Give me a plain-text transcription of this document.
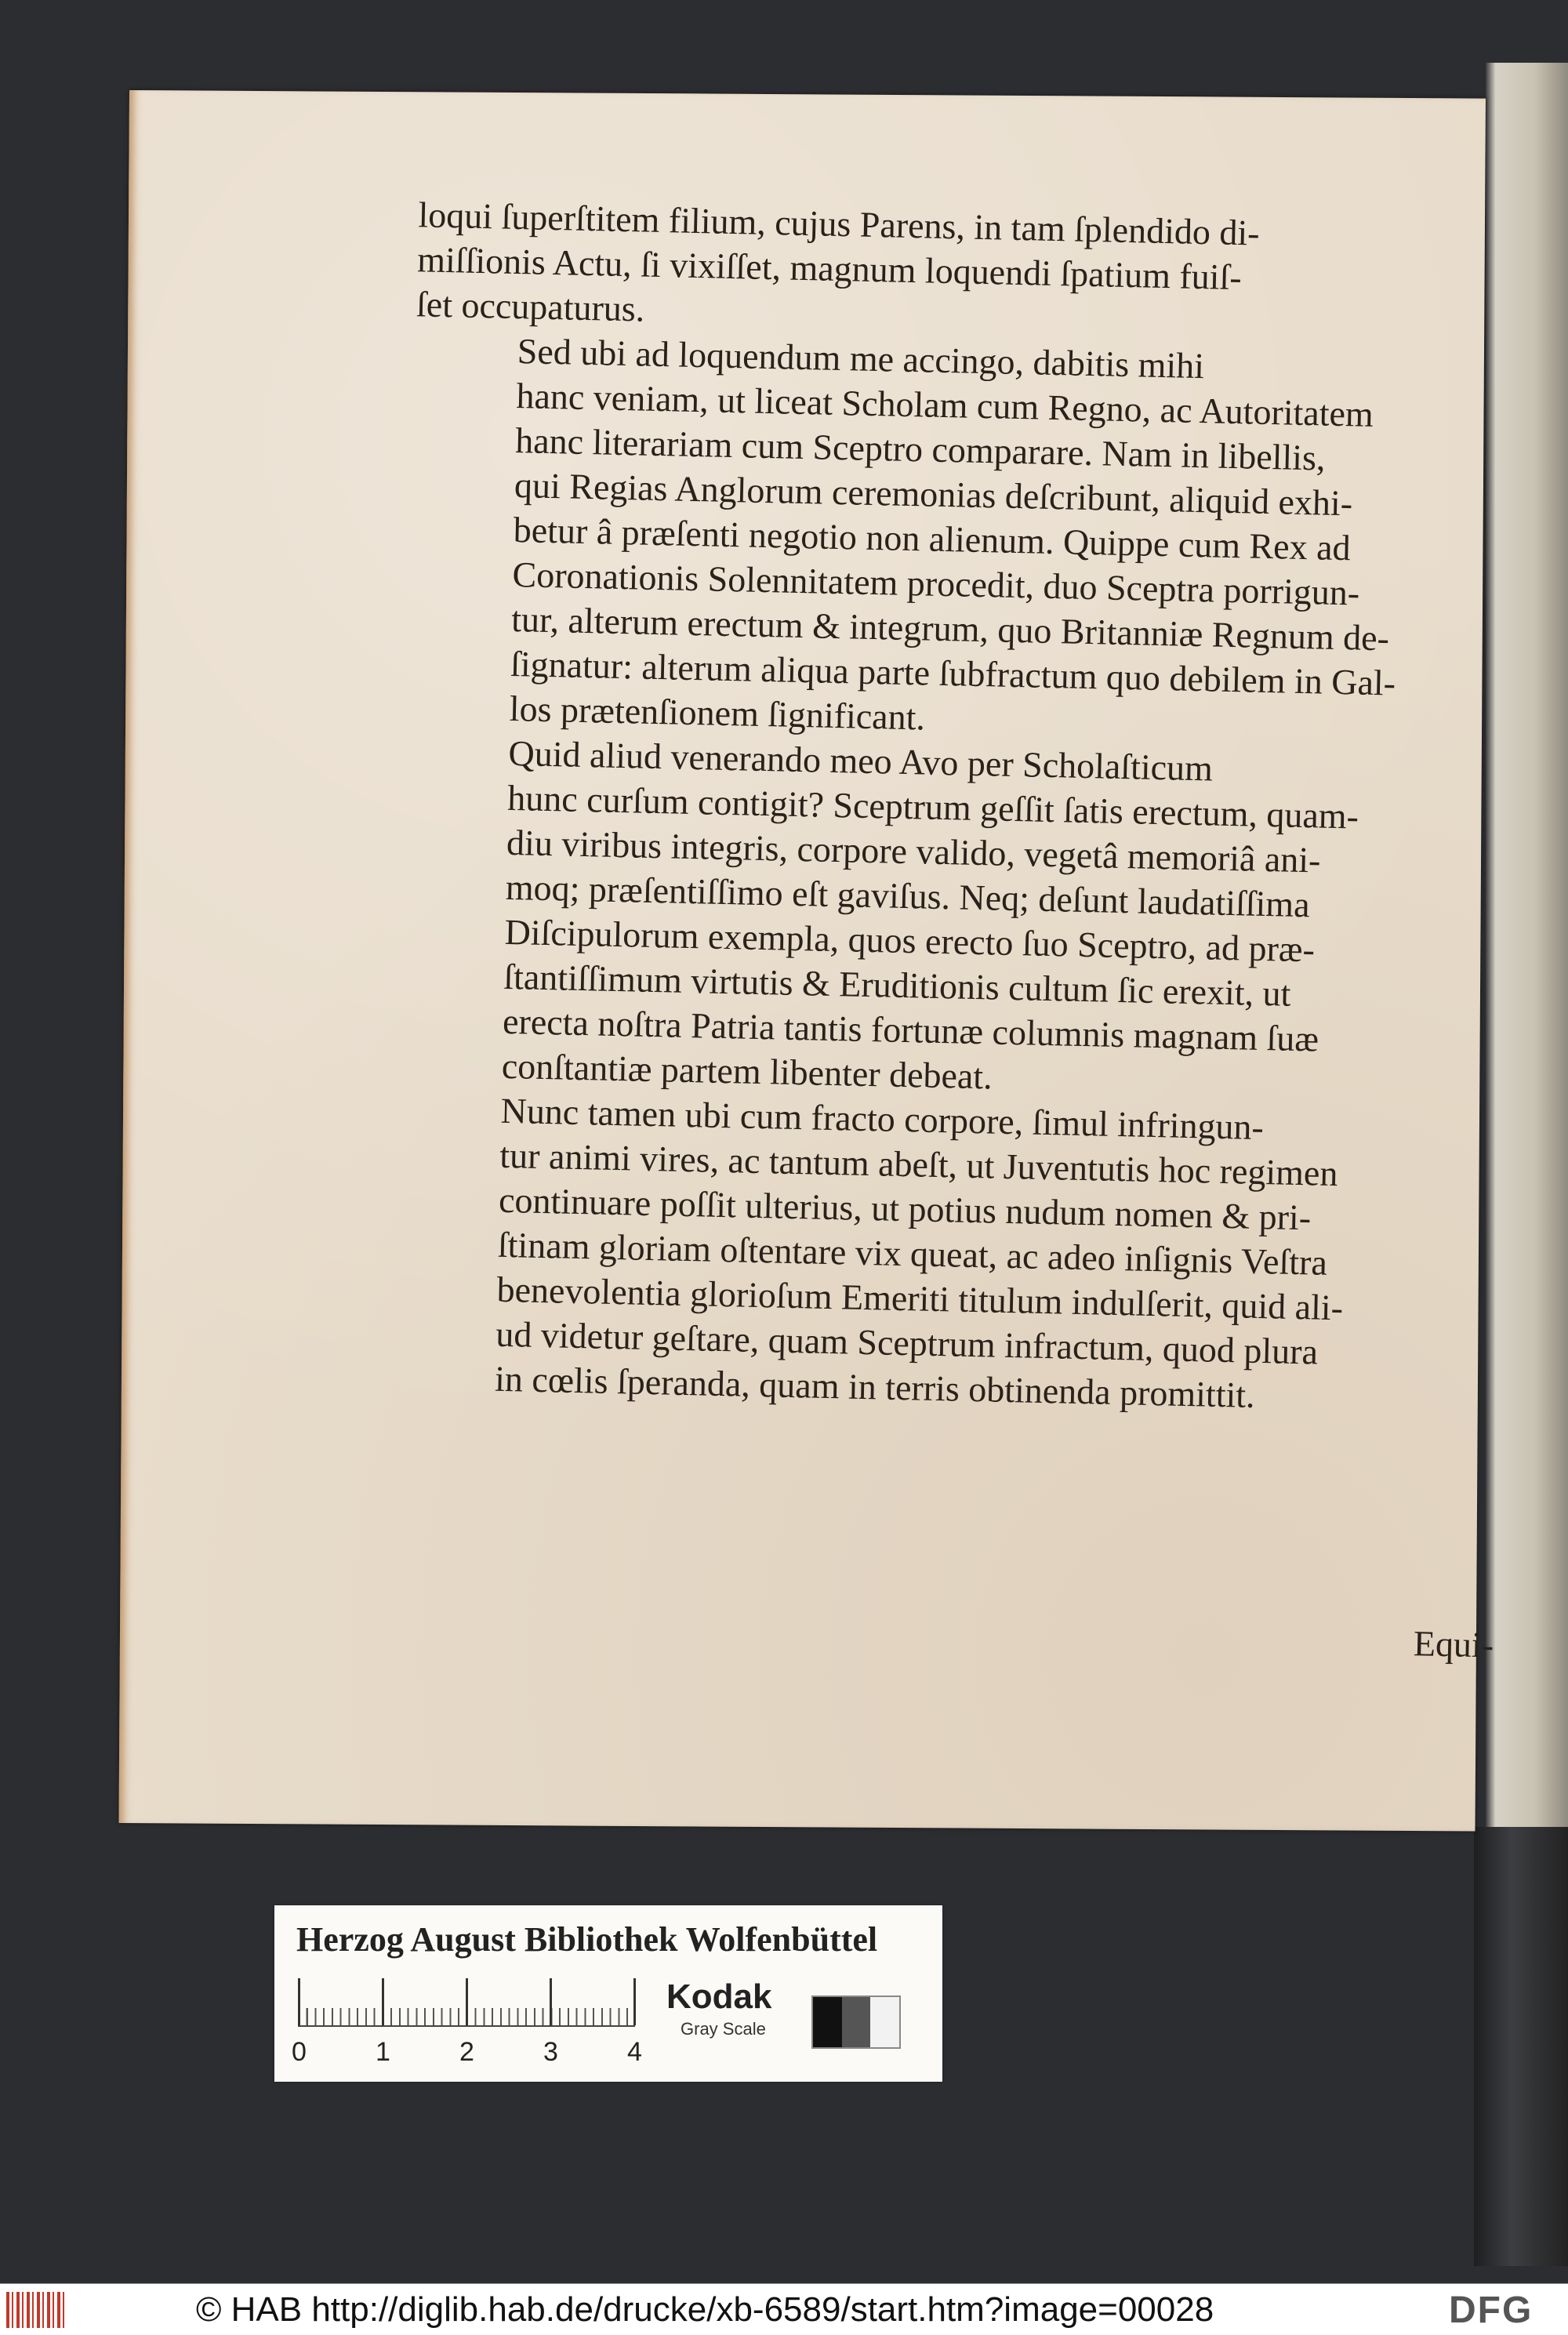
loqui ſuperſtitem filium, cujus Parens, in tam ſplendido di-
miſſionis Actu, ſi vixiſſet, magnum loquendi ſpatium fuiſ-
ſet occupaturus.

Sed ubi ad loquendum me accingo, dabitis mihi
hanc veniam, ut liceat Scholam cum Regno, ac Autoritatem
hanc literariam cum Sceptro comparare. Nam in libellis,
qui Regias Anglorum ceremonias deſcribunt, aliquid exhi-
betur â præſenti negotio non alienum. Quippe cum Rex ad
Coronationis Solennitatem procedit, duo Sceptra porrigun-
tur, alterum erectum & integrum, quo Britanniæ Regnum de-
ſignatur: alterum aliqua parte ſubfractum quo debilem in Gal-
los prætenſionem ſignificant.

Quid aliud venerando meo Avo per Scholaſticum
hunc curſum contigit? Sceptrum geſſit ſatis erectum, quam-
diu viribus integris, corpore valido, vegetâ memoriâ ani-
moq; præſentiſſimo eſt gaviſus. Neq; deſunt laudatiſſima
Diſcipulorum exempla, quos erecto ſuo Sceptro, ad præ-
ſtantiſſimum virtutis & Eruditionis cultum ſic erexit, ut
erecta noſtra Patria tantis fortunæ columnis magnam ſuæ
conſtantiæ partem libenter debeat.

Nunc tamen ubi cum fracto corpore, ſimul infringun-
tur animi vires, ac tantum abeſt, ut Juventutis hoc regimen
continuare poſſit ulterius, ut potius nudum nomen & pri-
ſtinam gloriam oſtentare vix queat, ac adeo inſignis Veſtra
benevolentia glorioſum Emeriti titulum indulſerit, quid ali-
ud videtur geſtare, quam Sceptrum infractum, quod plura
in cœlis ſperanda, quam in terris obtinenda promittit.

Equi-
Herzog August Bibliothek Wolfenbüttel
0	1	2	3	4
Kodak
Gray Scale
© HAB http://diglib.hab.de/drucke/xb-6589/start.htm?image=00028	DFG
